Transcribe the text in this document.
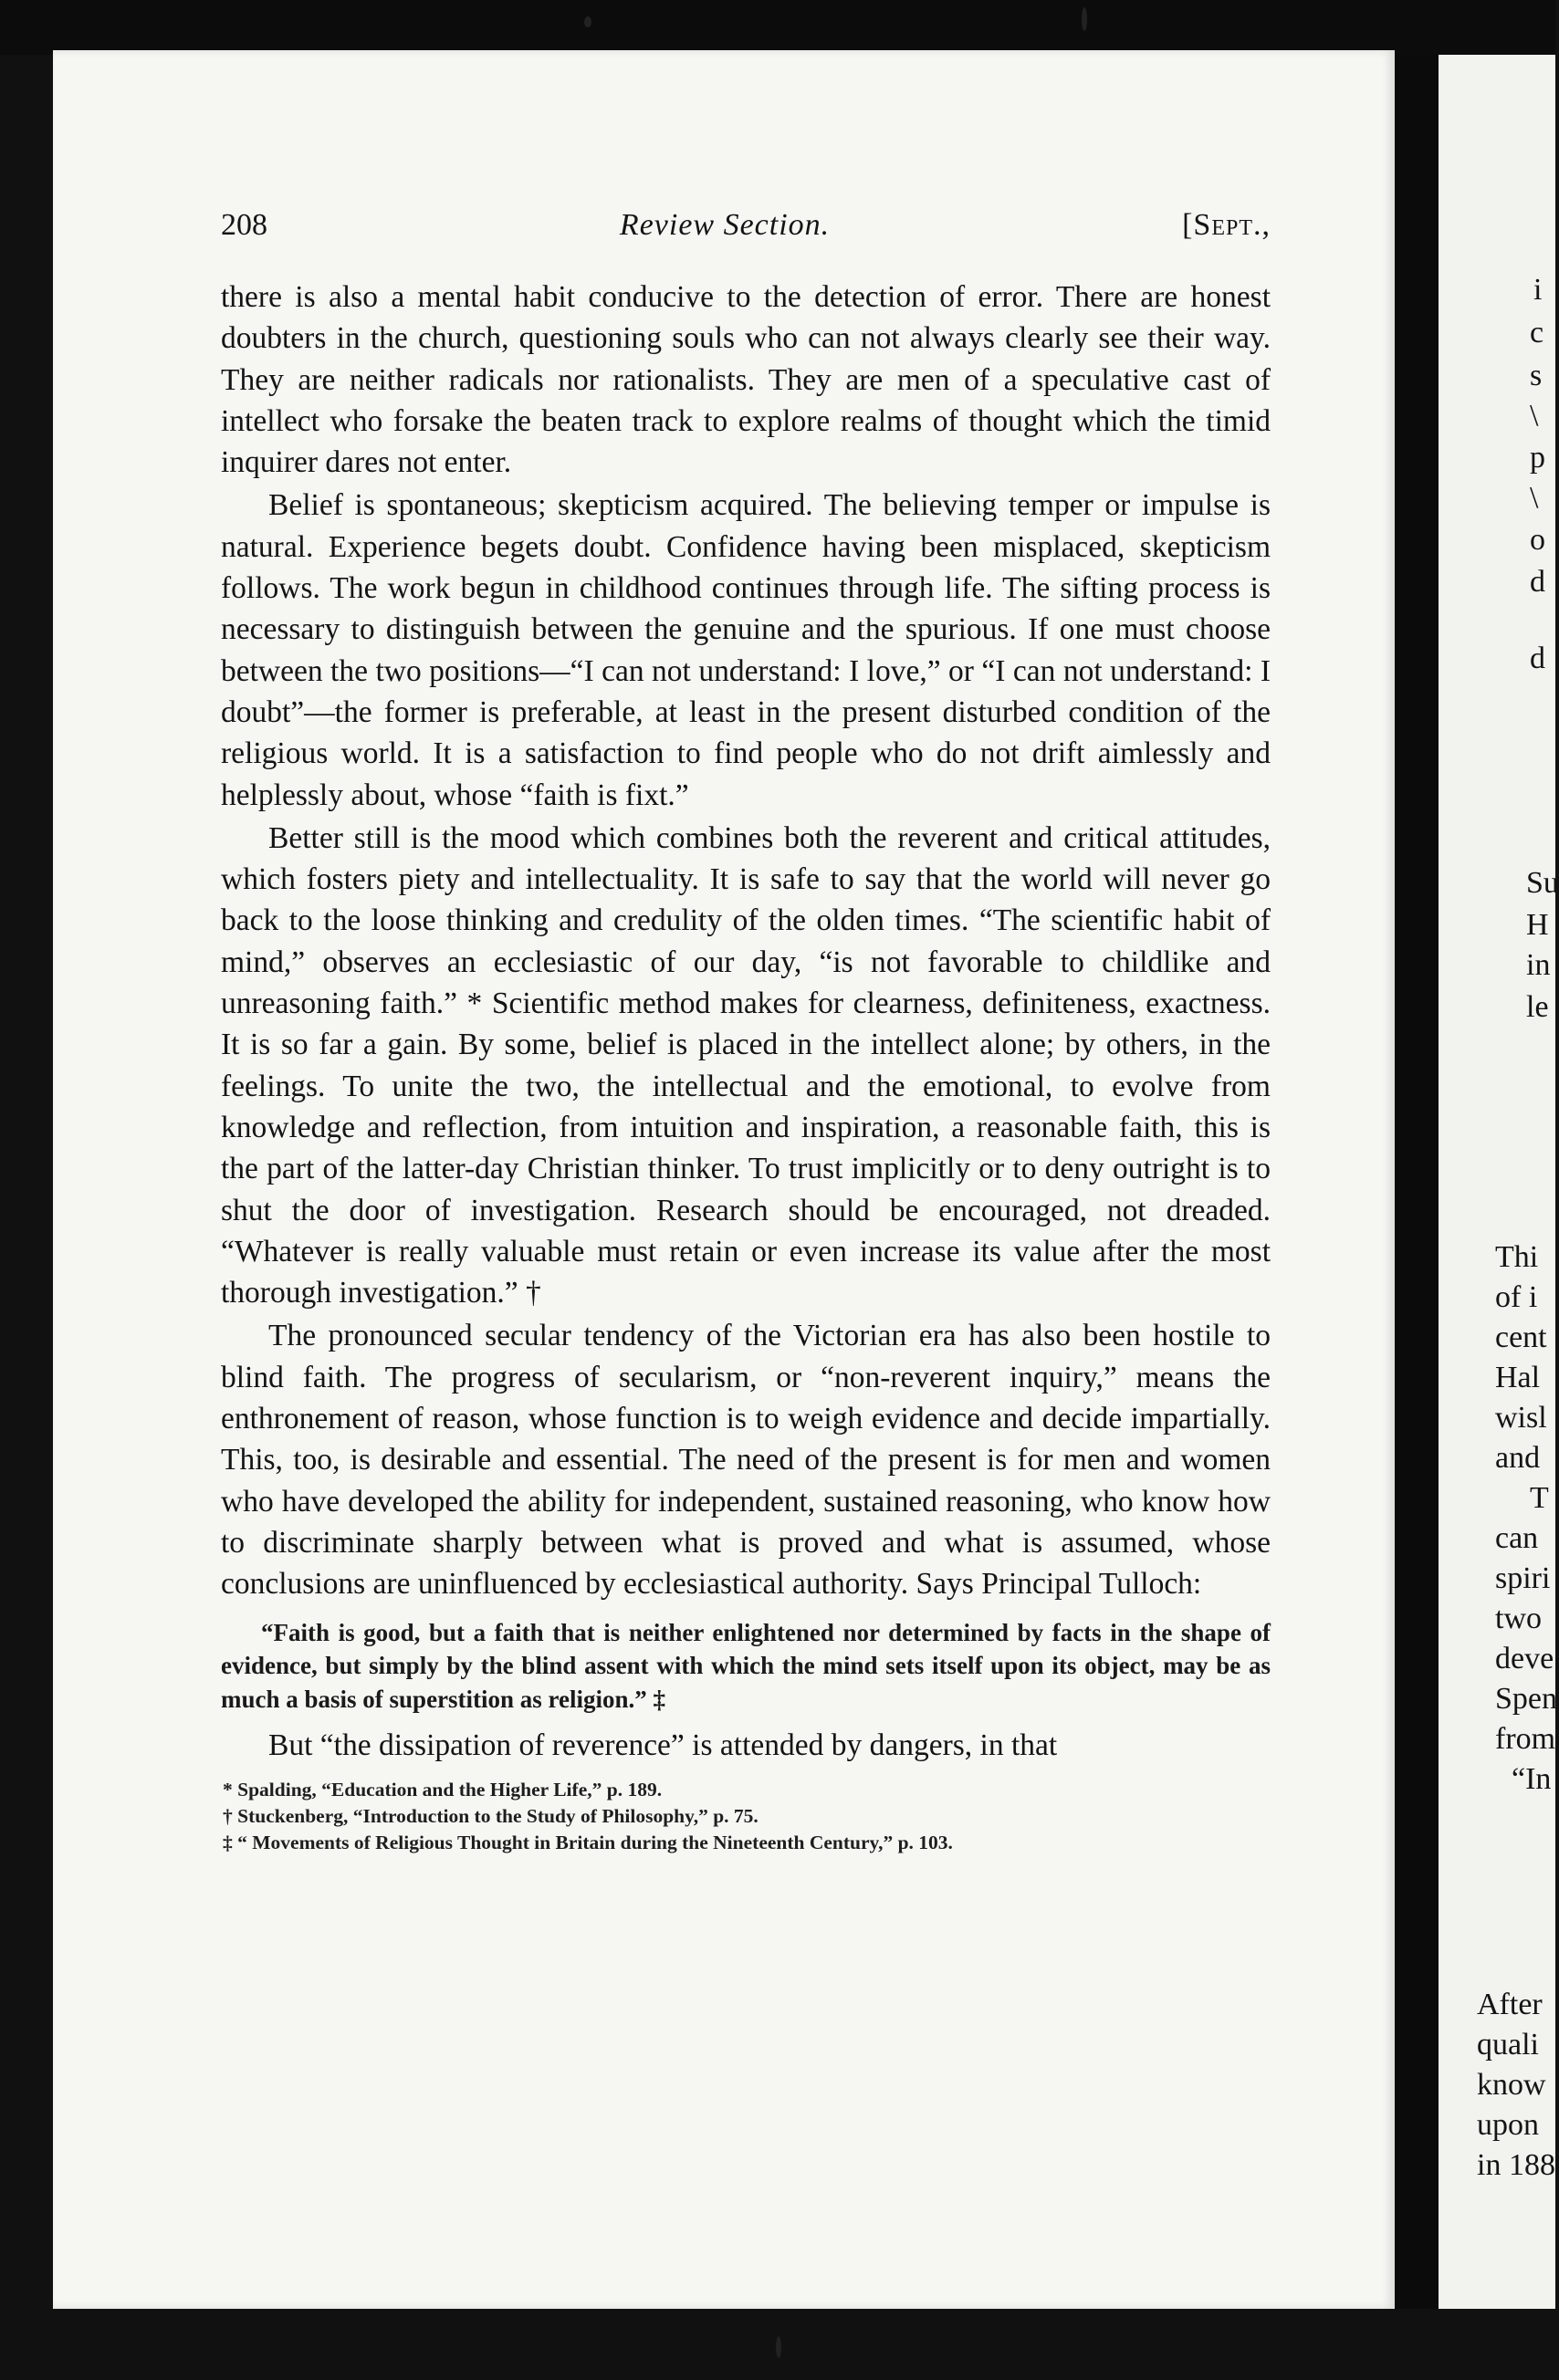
i
c
s
\
p
\
o
d
d
Su
H
in
le
Thi
of i
cent
Hal
wisl
and
T
can
spiri
two
deve
Spen
from
“In
After
quali
know
upon
in 188
208	Review Section.	[Sept.,

there is also a mental habit conducive to the detection of error. There are honest doubters in the church, questioning souls who can not always clearly see their way. They are neither radicals nor rationalists. They are men of a speculative cast of intellect who forsake the beaten track to explore realms of thought which the timid inquirer dares not enter.

Belief is spontaneous; skepticism acquired. The believing temper or impulse is natural. Experience begets doubt. Confidence having been misplaced, skepticism follows. The work begun in childhood continues through life. The sifting process is necessary to distinguish between the genuine and the spurious. If one must choose between the two positions—“I can not understand: I love,” or “I can not understand: I doubt”—the former is preferable, at least in the present disturbed condition of the religious world. It is a satisfaction to find people who do not drift aimlessly and helplessly about, whose “faith is fixt.”

Better still is the mood which combines both the reverent and critical attitudes, which fosters piety and intellectuality. It is safe to say that the world will never go back to the loose thinking and credulity of the olden times. “The scientific habit of mind,” observes an ecclesiastic of our day, “is not favorable to childlike and unreasoning faith.” * Scientific method makes for clearness, definiteness, exactness. It is so far a gain. By some, belief is placed in the intellect alone; by others, in the feelings. To unite the two, the intellectual and the emotional, to evolve from knowledge and reflection, from intuition and inspiration, a reasonable faith, this is the part of the latter-day Christian thinker. To trust implicitly or to deny outright is to shut the door of investigation. Research should be encouraged, not dreaded. “Whatever is really valuable must retain or even increase its value after the most thorough investigation.” †

The pronounced secular tendency of the Victorian era has also been hostile to blind faith. The progress of secularism, or “non-reverent inquiry,” means the enthronement of reason, whose function is to weigh evidence and decide impartially. This, too, is desirable and essential. The need of the present is for men and women who have developed the ability for independent, sustained reasoning, who know how to discriminate sharply between what is proved and what is assumed, whose conclusions are uninfluenced by ecclesiastical authority. Says Principal Tulloch:

“Faith is good, but a faith that is neither enlightened nor determined by facts in the shape of evidence, but simply by the blind assent with which the mind sets itself upon its object, may be as much a basis of superstition as religion.” ‡

But “the dissipation of reverence” is attended by dangers, in that

* Spalding, “Education and the Higher Life,” p. 189.

† Stuckenberg, “Introduction to the Study of Philosophy,” p. 75.

‡ “ Movements of Religious Thought in Britain during the Nineteenth Century,” p. 103.
